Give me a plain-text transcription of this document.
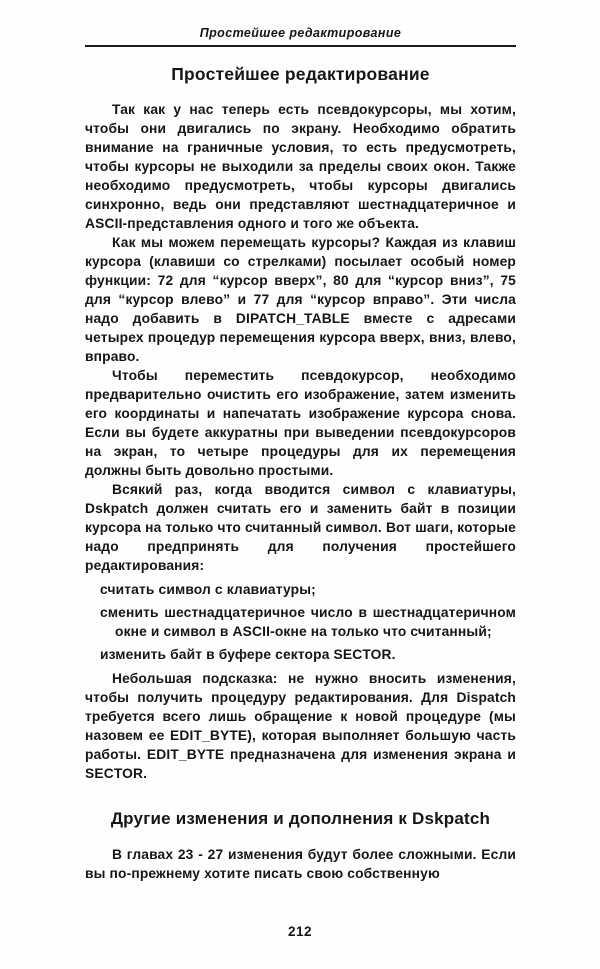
Простейшее редактирование
Простейшее редактирование

Так как у нас теперь есть псевдокурсоры, мы хотим, чтобы они двигались по экрану. Необходимо обратить внимание на граничные условия, то есть предусмотреть, чтобы курсоры не выходили за пределы своих окон. Также необходимо предусмотреть, чтобы курсоры двигались синхронно, ведь они представляют шестнадцатеричное и ASCII-представления одного и того же объекта.

Как мы можем перемещать курсоры? Каждая из клавиш курсора (клавиши со стрелками) посылает особый номер функции: 72 для “курсор вверх”, 80 для “курсор вниз”, 75 для “курсор влево” и 77 для “курсор вправо”. Эти числа надо добавить в DIPATCH_TABLE вместе с адресами четырех процедур перемещения курсора вверх, вниз, влево, вправо.

Чтобы переместить псевдокурсор, необходимо предварительно очистить его изображение, затем изменить его координаты и напечатать изображение курсора снова. Если вы будете аккуратны при выведении псевдокурсоров на экран, то четыре процедуры для их перемещения должны быть довольно простыми.

Всякий раз, когда вводится символ с клавиатуры, Dskpatch должен считать его и заменить байт в позиции курсора на только что считанный символ. Вот шаги, которые надо предпринять для получения простейшего редактирования:

считать символ с клавиатуры;
сменить шестнадцатеричное число в шестнадцатеричном окне и символ в ASCII-окне на только что считанный;
изменить байт в буфере сектора SECTOR.

Небольшая подсказка: не нужно вносить изменения, чтобы получить процедуру редактирования. Для Dispatch требуется всего лишь обращение к новой процедуре (мы назовем ее EDIT_BYTE), которая выполняет большую часть работы. EDIT_BYTE предназначена для изменения экрана и SECTOR.

Другие изменения и дополнения к Dskpatch

В главах 23 - 27 изменения будут более сложными. Если вы по-прежнему хотите писать свою собственную

212
